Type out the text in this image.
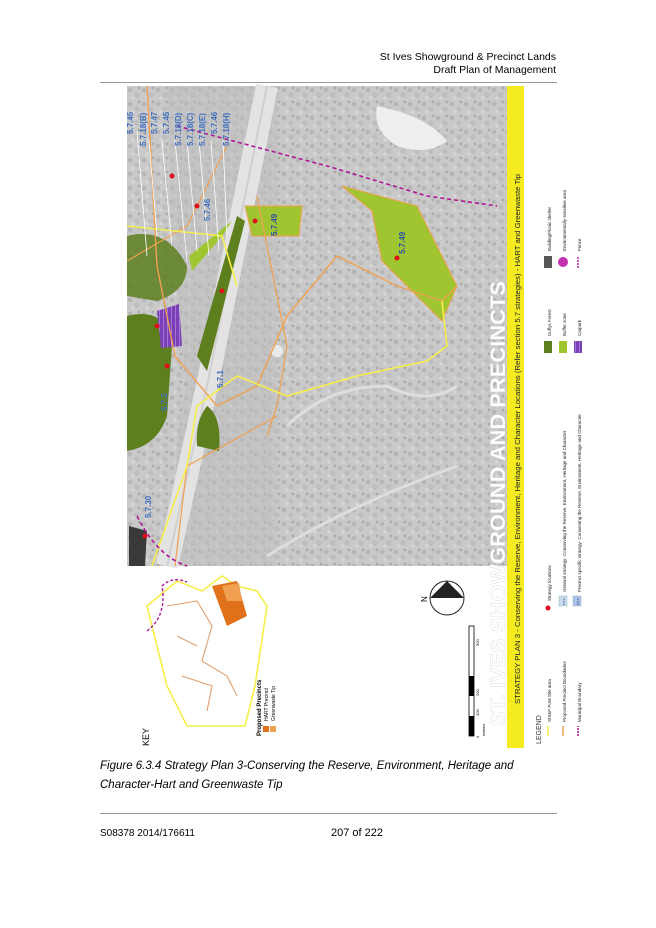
St Ives Showground & Precinct Lands
Draft Plan of Management
5.7.45 5.7.18(B) 5.7.47 5.7.45 5.7.18(D) 5.7.18(C) 5.7.18(E) 5.7.46 5.7.18(H)
5.7.49
5.7.49
5.7.46
5.7.1
5.7.30
5.7.2	ST. IVES SHOWGROUND AND PRECINCTS STRATEGY PLAN 3 - Conserving the Reserve, Environment, Heritage and Character Locations (Refer section 5.7 strategies) - HART and Greenwaste Tip
KEY
Proposed Precincts HART Precinct Greenwaste Tip
N
0
100
200
500
metres	LEGEND
SIS&P PoM Site area Proposed Precinct Boundaries Municipal Boundary
Strategy locations
5.5.6
General strategy- Conserving the Reserve, Environment, Heritage and Character
5.5.6
Precinct specific strategy- Conserving the Reserve, Environment, Heritage and Character
Duffys Forest Buffer zone Carpark
Building/Picnic shelter Environmentally sensitive area Fence
Figure 6.3.4 Strategy Plan 3-Conserving the Reserve, Environment, Heritage and Character-Hart and Greenwaste Tip
S08378 2014/176611	207 of 222
